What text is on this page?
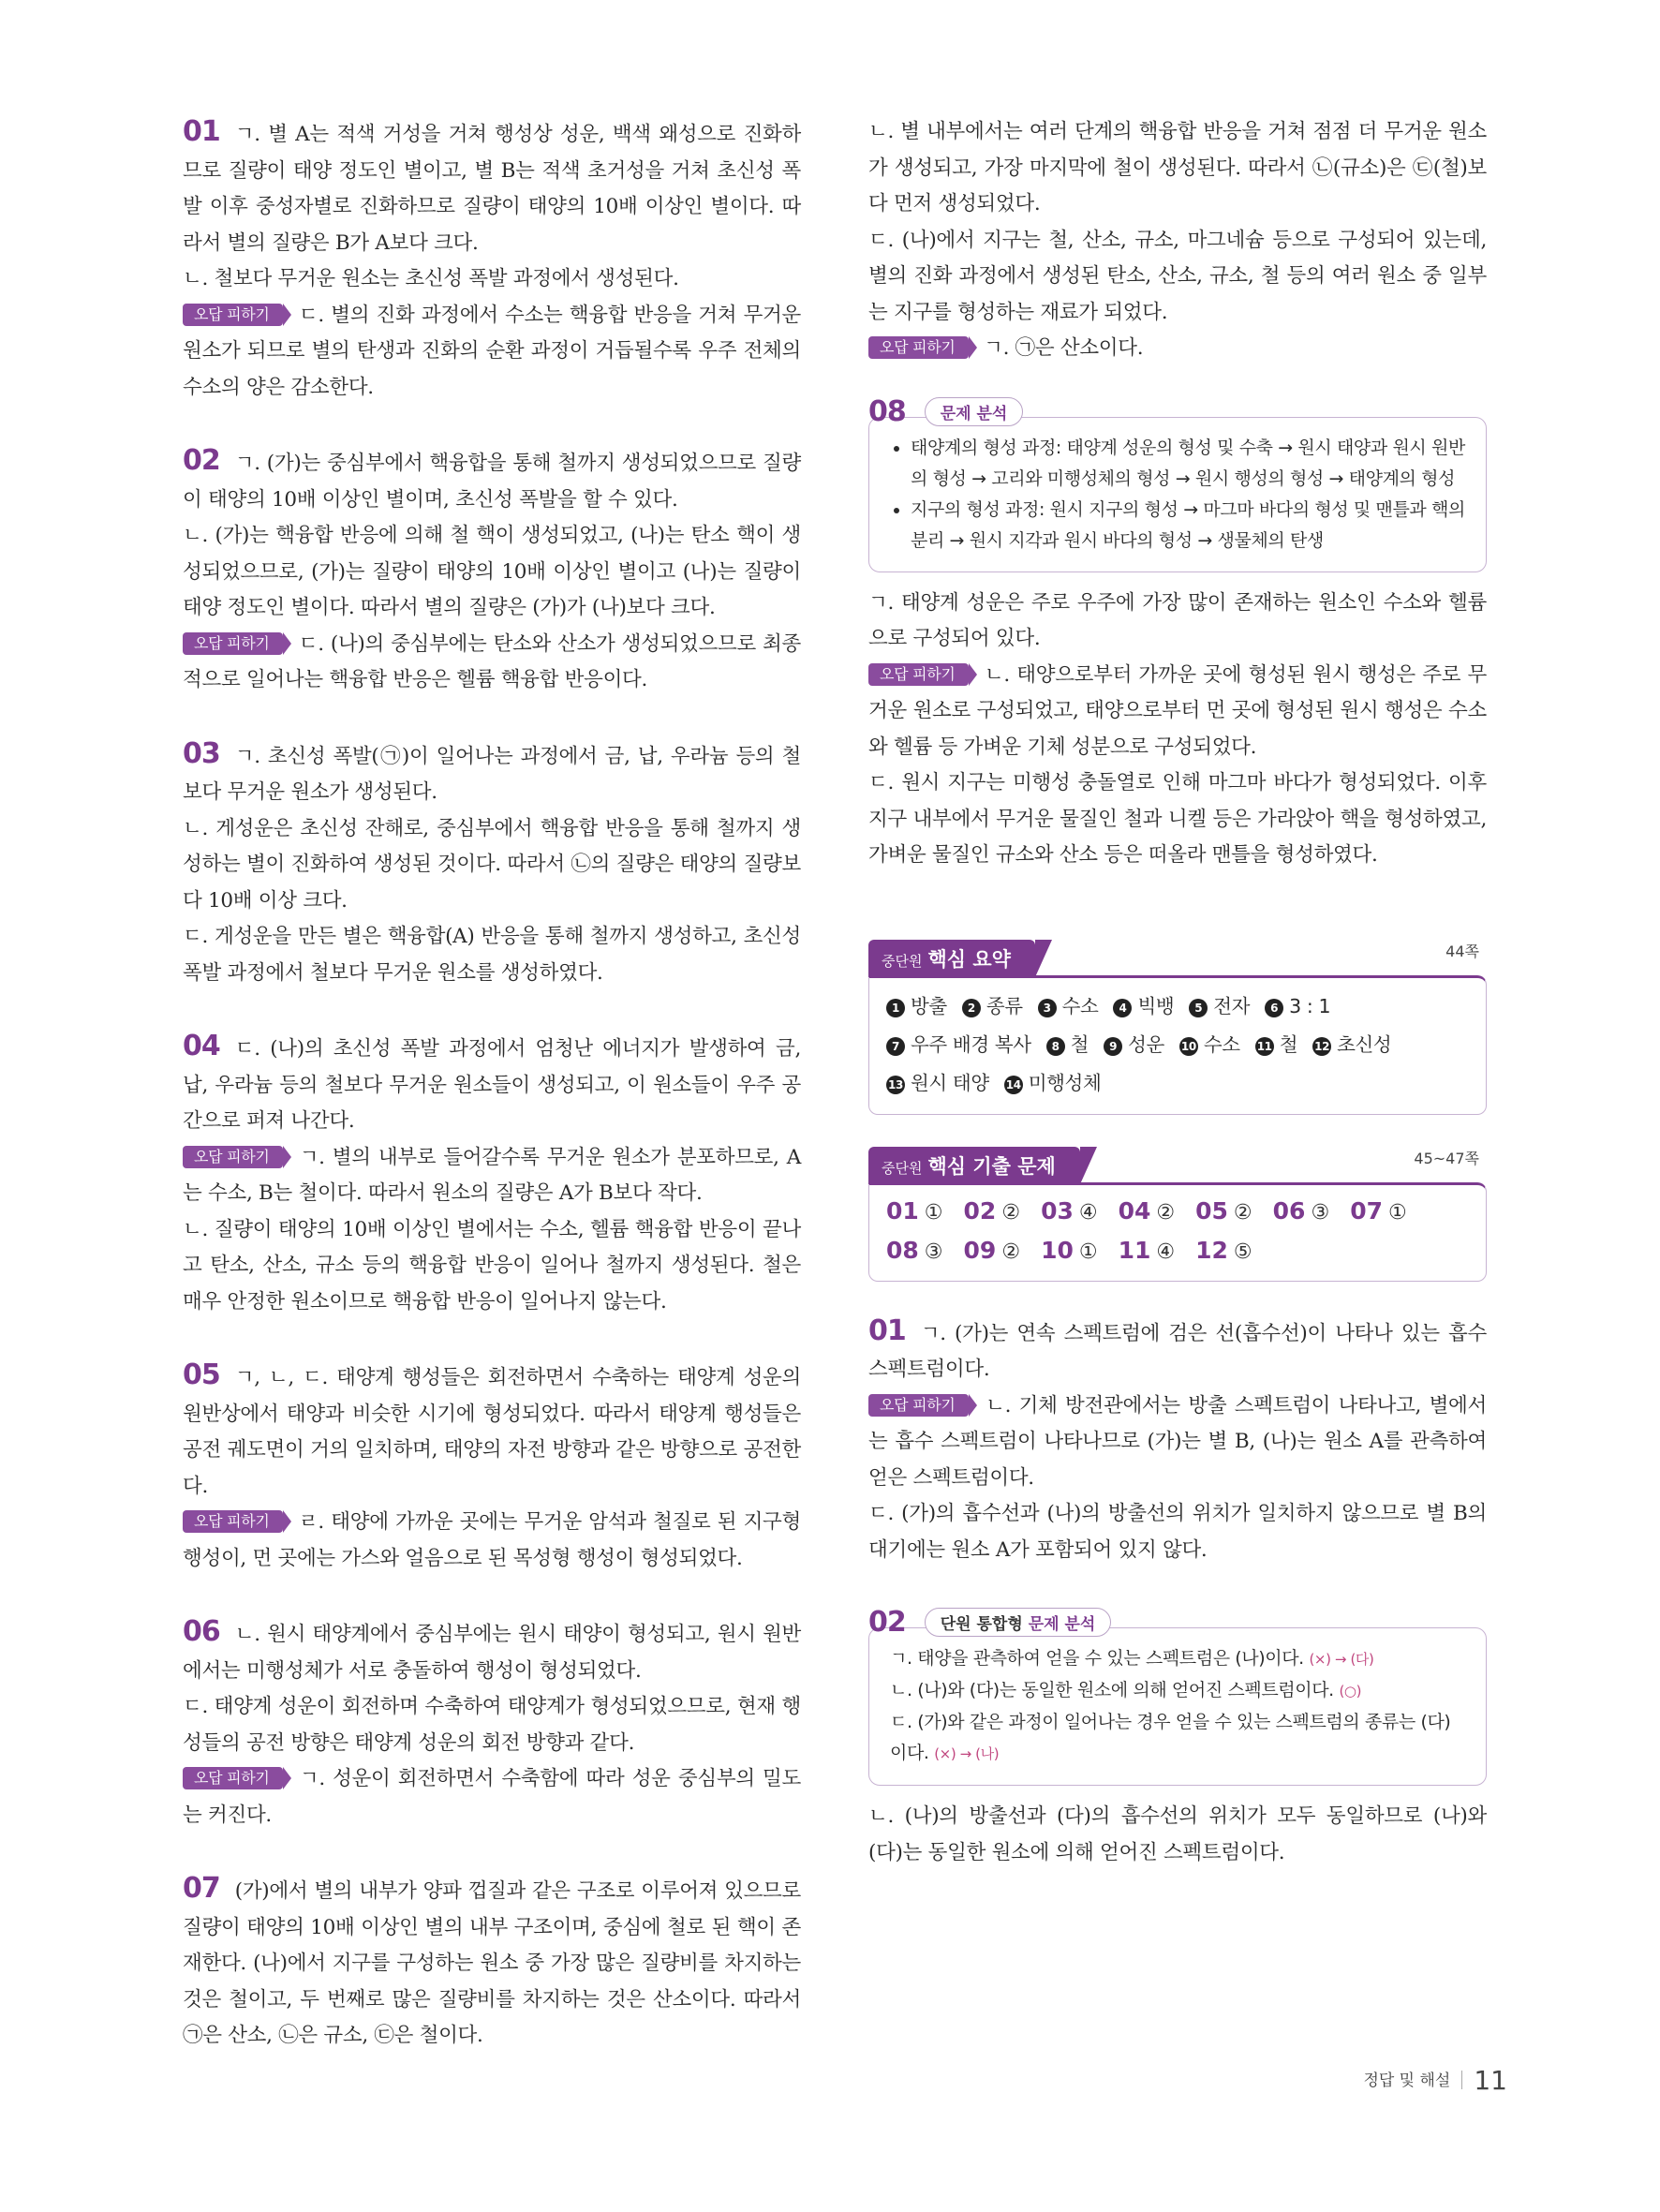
01 ㄱ. 별 A는 적색 거성을 거쳐 행성상 성운, 백색 왜성으로 진화하므로 질량이 태양 정도인 별이고, 별 B는 적색 초거성을 거쳐 초신성 폭발 이후 중성자별로 진화하므로 질량이 태양의 10배 이상인 별이다. 따라서 별의 질량은 B가 A보다 크다.

ㄴ. 철보다 무거운 원소는 초신성 폭발 과정에서 생성된다.

오답 피하기 ㄷ. 별의 진화 과정에서 수소는 핵융합 반응을 거쳐 무거운 원소가 되므로 별의 탄생과 진화의 순환 과정이 거듭될수록 우주 전체의 수소의 양은 감소한다.

02 ㄱ. (가)는 중심부에서 핵융합을 통해 철까지 생성되었으므로 질량이 태양의 10배 이상인 별이며, 초신성 폭발을 할 수 있다.

ㄴ. (가)는 핵융합 반응에 의해 철 핵이 생성되었고, (나)는 탄소 핵이 생성되었으므로, (가)는 질량이 태양의 10배 이상인 별이고 (나)는 질량이 태양 정도인 별이다. 따라서 별의 질량은 (가)가 (나)보다 크다.

오답 피하기 ㄷ. (나)의 중심부에는 탄소와 산소가 생성되었으므로 최종적으로 일어나는 핵융합 반응은 헬륨 핵융합 반응이다.

03 ㄱ. 초신성 폭발(㉠)이 일어나는 과정에서 금, 납, 우라늄 등의 철보다 무거운 원소가 생성된다.

ㄴ. 게성운은 초신성 잔해로, 중심부에서 핵융합 반응을 통해 철까지 생성하는 별이 진화하여 생성된 것이다. 따라서 ㉡의 질량은 태양의 질량보다 10배 이상 크다.

ㄷ. 게성운을 만든 별은 핵융합(A) 반응을 통해 철까지 생성하고, 초신성 폭발 과정에서 철보다 무거운 원소를 생성하였다.

04 ㄷ. (나)의 초신성 폭발 과정에서 엄청난 에너지가 발생하여 금, 납, 우라늄 등의 철보다 무거운 원소들이 생성되고, 이 원소들이 우주 공간으로 퍼져 나간다.

오답 피하기 ㄱ. 별의 내부로 들어갈수록 무거운 원소가 분포하므로, A는 수소, B는 철이다. 따라서 원소의 질량은 A가 B보다 작다.

ㄴ. 질량이 태양의 10배 이상인 별에서는 수소, 헬륨 핵융합 반응이 끝나고 탄소, 산소, 규소 등의 핵융합 반응이 일어나 철까지 생성된다. 철은 매우 안정한 원소이므로 핵융합 반응이 일어나지 않는다.

05 ㄱ, ㄴ, ㄷ. 태양계 행성들은 회전하면서 수축하는 태양계 성운의 원반상에서 태양과 비슷한 시기에 형성되었다. 따라서 태양계 행성들은 공전 궤도면이 거의 일치하며, 태양의 자전 방향과 같은 방향으로 공전한다.

오답 피하기 ㄹ. 태양에 가까운 곳에는 무거운 암석과 철질로 된 지구형 행성이, 먼 곳에는 가스와 얼음으로 된 목성형 행성이 형성되었다.

06 ㄴ. 원시 태양계에서 중심부에는 원시 태양이 형성되고, 원시 원반에서는 미행성체가 서로 충돌하여 행성이 형성되었다.

ㄷ. 태양계 성운이 회전하며 수축하여 태양계가 형성되었으므로, 현재 행성들의 공전 방향은 태양계 성운의 회전 방향과 같다.

오답 피하기 ㄱ. 성운이 회전하면서 수축함에 따라 성운 중심부의 밀도는 커진다.

07 (가)에서 별의 내부가 양파 껍질과 같은 구조로 이루어져 있으므로 질량이 태양의 10배 이상인 별의 내부 구조이며, 중심에 철로 된 핵이 존재한다. (나)에서 지구를 구성하는 원소 중 가장 많은 질량비를 차지하는 것은 철이고, 두 번째로 많은 질량비를 차지하는 것은 산소이다. 따라서 ㉠은 산소, ㉡은 규소, ㉢은 철이다.

ㄴ. 별 내부에서는 여러 단계의 핵융합 반응을 거쳐 점점 더 무거운 원소가 생성되고, 가장 마지막에 철이 생성된다. 따라서 ㉡(규소)은 ㉢(철)보다 먼저 생성되었다.

ㄷ. (나)에서 지구는 철, 산소, 규소, 마그네슘 등으로 구성되어 있는데, 별의 진화 과정에서 생성된 탄소, 산소, 규소, 철 등의 여러 원소 중 일부는 지구를 형성하는 재료가 되었다.

오답 피하기 ㄱ. ㉠은 산소이다.

08	문제 분석
• 태양계의 형성 과정: 태양계 성운의 형성 및 수축 → 원시 태양과 원시 원반의 형성 → 고리와 미행성체의 형성 → 원시 행성의 형성 → 태양계의 형성
• 지구의 형성 과정: 원시 지구의 형성 → 마그마 바다의 형성 및 맨틀과 핵의 분리 → 원시 지각과 원시 바다의 형성 → 생물체의 탄생

ㄱ. 태양계 성운은 주로 우주에 가장 많이 존재하는 원소인 수소와 헬륨으로 구성되어 있다.

오답 피하기 ㄴ. 태양으로부터 가까운 곳에 형성된 원시 행성은 주로 무거운 원소로 구성되었고, 태양으로부터 먼 곳에 형성된 원시 행성은 수소와 헬륨 등 가벼운 기체 성분으로 구성되었다.

ㄷ. 원시 지구는 미행성 충돌열로 인해 마그마 바다가 형성되었다. 이후 지구 내부에서 무거운 물질인 철과 니켈 등은 가라앉아 핵을 형성하였고, 가벼운 물질인 규소와 산소 등은 떠올라 맨틀을 형성하였다.

중단원 핵심 요약	44쪽
1 방출 2 종류 3 수소 4 빅뱅 5 전자 6 3 : 1
7 우주 배경 복사 8 철 9 성운 10 수소 11 철 12 초신성
13 원시 태양 14 미행성체
중단원 핵심 기출 문제	45~47쪽
01 ① 02 ② 03 ④ 04 ② 05 ② 06 ③ 07 ①
08 ③ 09 ② 10 ① 11 ④ 12 ⑤

01 ㄱ. (가)는 연속 스펙트럼에 검은 선(흡수선)이 나타나 있는 흡수 스펙트럼이다.

오답 피하기 ㄴ. 기체 방전관에서는 방출 스펙트럼이 나타나고, 별에서는 흡수 스펙트럼이 나타나므로 (가)는 별 B, (나)는 원소 A를 관측하여 얻은 스펙트럼이다.

ㄷ. (가)의 흡수선과 (나)의 방출선의 위치가 일치하지 않으므로 별 B의 대기에는 원소 A가 포함되어 있지 않다.

02	단원 통합형 문제 분석
ㄱ. 태양을 관측하여 얻을 수 있는 스펙트럼은 (나)이다. (×) → (다)
ㄴ. (나)와 (다)는 동일한 원소에 의해 얻어진 스펙트럼이다. (○)
ㄷ. (가)와 같은 과정이 일어나는 경우 얻을 수 있는 스펙트럼의 종류는 (다)이다. (×) → (나)

ㄴ. (나)의 방출선과 (다)의 흡수선의 위치가 모두 동일하므로 (나)와 (다)는 동일한 원소에 의해 얻어진 스펙트럼이다.

정답 및 해설 11
